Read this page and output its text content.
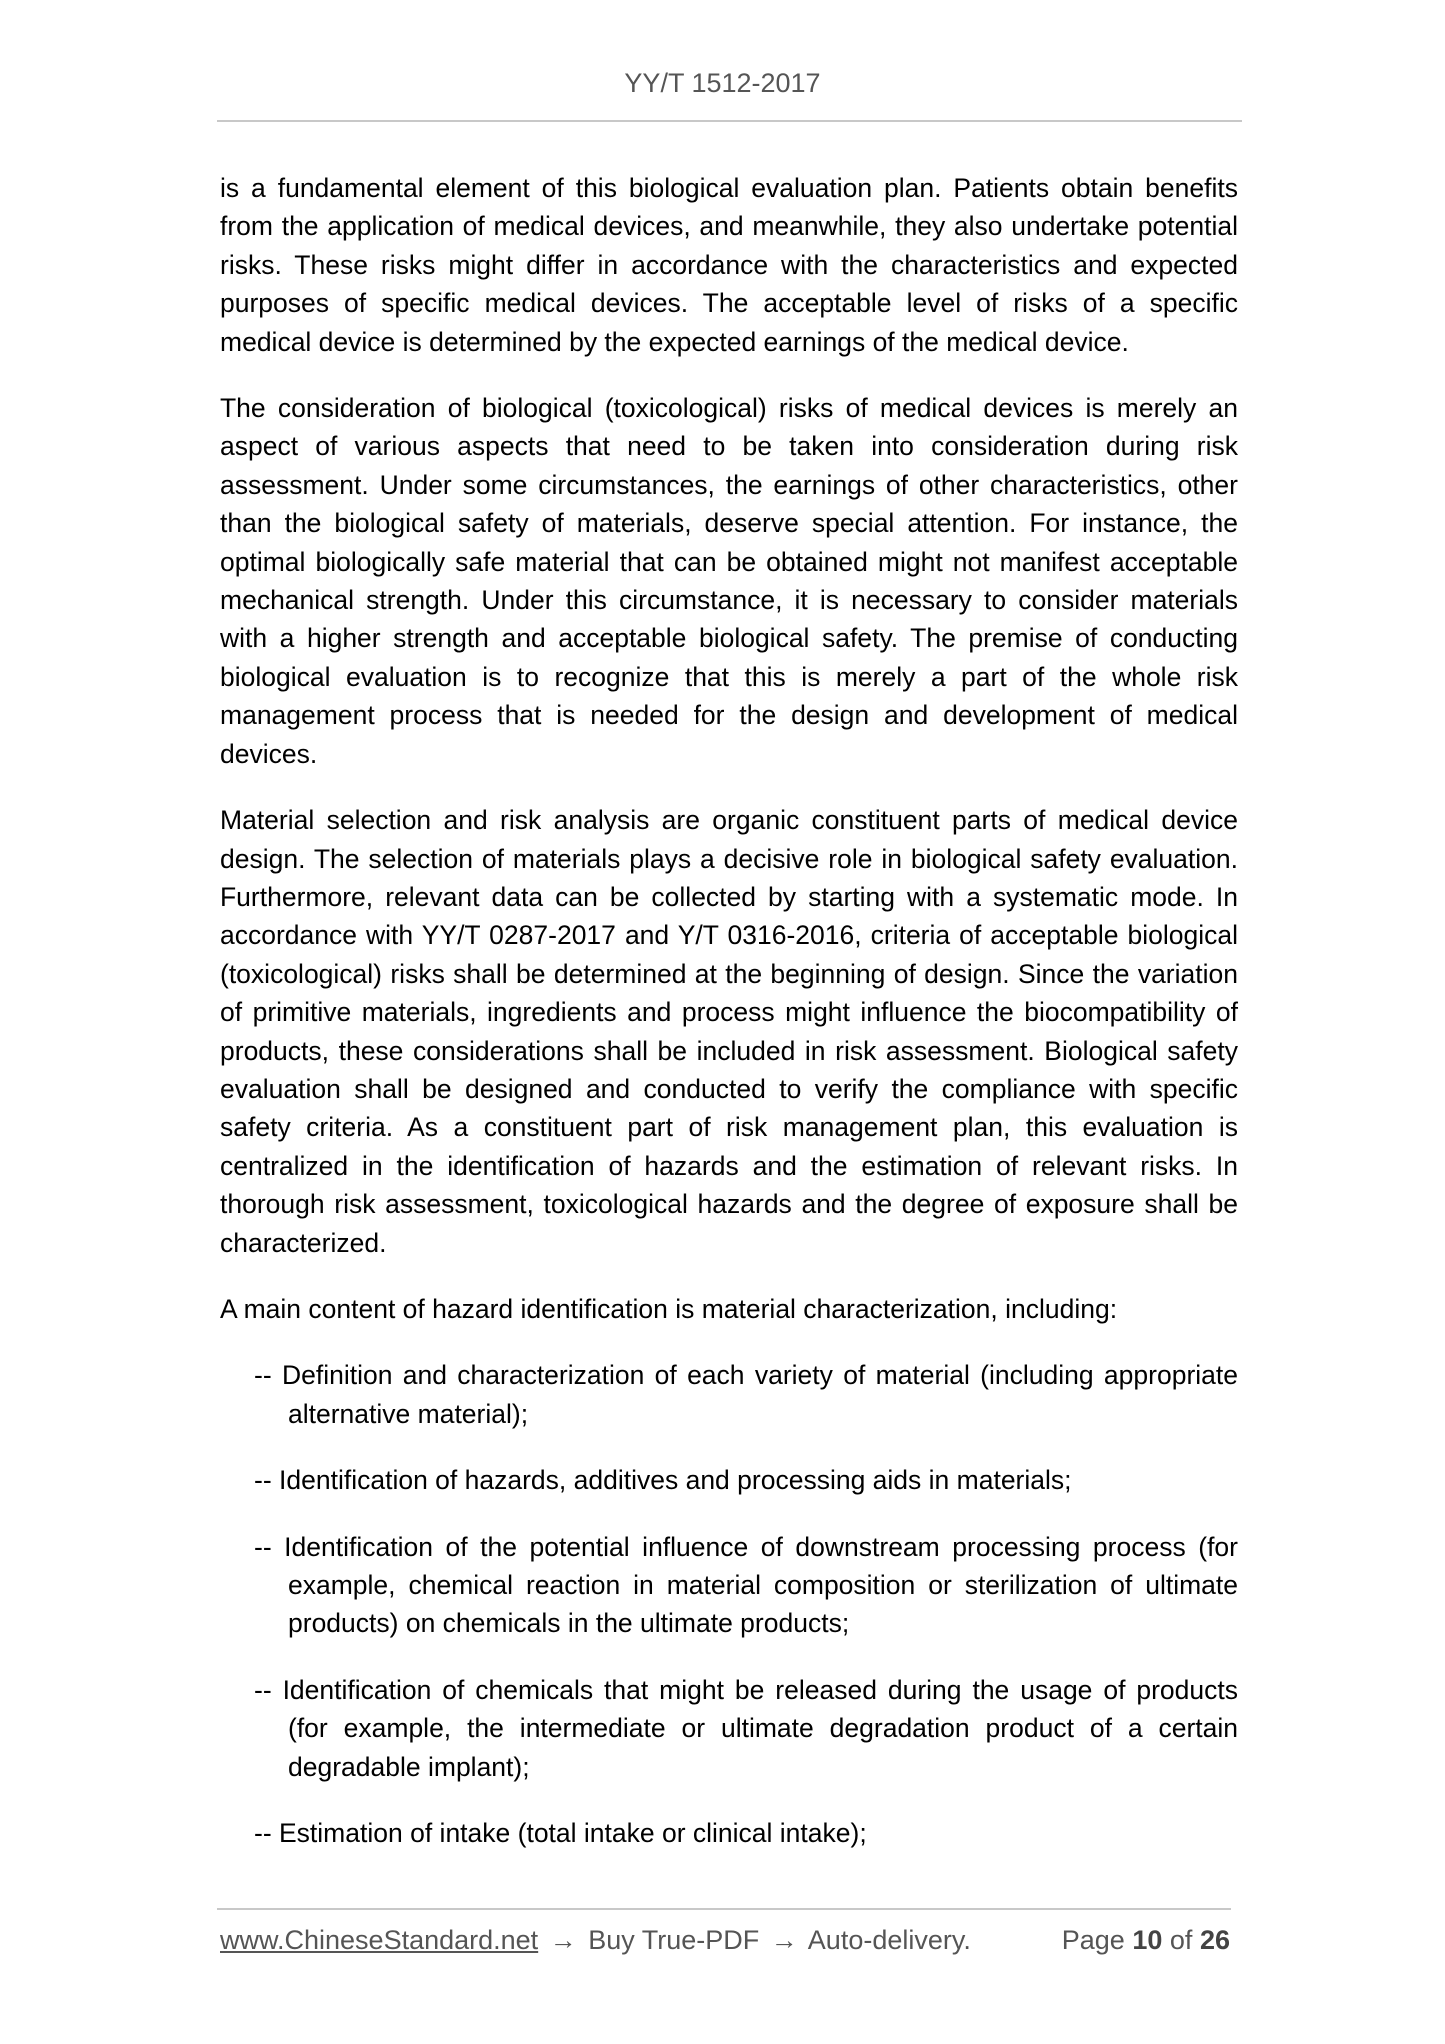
YY/T 1512-2017

is a fundamental element of this biological evaluation plan. Patients obtain benefits from the application of medical devices, and meanwhile, they also undertake potential risks. These risks might differ in accordance with the characteristics and expected purposes of specific medical devices. The acceptable level of risks of a specific medical device is determined by the expected earnings of the medical device.

The consideration of biological (toxicological) risks of medical devices is merely an aspect of various aspects that need to be taken into consideration during risk assessment. Under some circumstances, the earnings of other characteristics, other than the biological safety of materials, deserve special attention. For instance, the optimal biologically safe material that can be obtained might not manifest acceptable mechanical strength. Under this circumstance, it is necessary to consider materials with a higher strength and acceptable biological safety. The premise of conducting biological evaluation is to recognize that this is merely a part of the whole risk management process that is needed for the design and development of medical devices.

Material selection and risk analysis are organic constituent parts of medical device design. The selection of materials plays a decisive role in biological safety evaluation. Furthermore, relevant data can be collected by starting with a systematic mode. In accordance with YY/T 0287-2017 and Y/T 0316-2016, criteria of acceptable biological (toxicological) risks shall be determined at the beginning of design. Since the variation of primitive materials, ingredients and process might influence the biocompatibility of products, these considerations shall be included in risk assessment. Biological safety evaluation shall be designed and conducted to verify the compliance with specific safety criteria. As a constituent part of risk management plan, this evaluation is centralized in the identification of hazards and the estimation of relevant risks. In thorough risk assessment, toxicological hazards and the degree of exposure shall be characterized.

A main content of hazard identification is material characterization, including:

-- Definition and characterization of each variety of material (including appropriate alternative material);
-- Identification of hazards, additives and processing aids in materials;
-- Identification of the potential influence of downstream processing process (for example, chemical reaction in material composition or sterilization of ultimate products) on chemicals in the ultimate products;
-- Identification of chemicals that might be released during the usage of products (for example, the intermediate or ultimate degradation product of a certain degradable implant);
-- Estimation of intake (total intake or clinical intake);
www.ChineseStandard.net → Buy True-PDF → Auto-delivery.	Page 10 of 26
